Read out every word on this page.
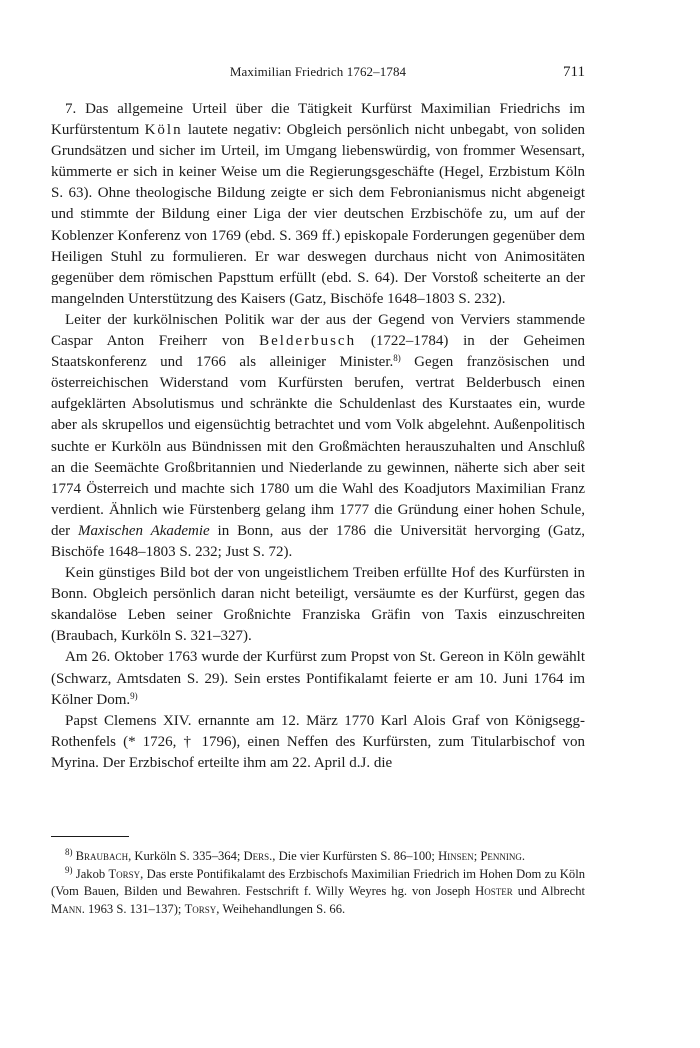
Maximilian Friedrich 1762–1784	711

7. Das allgemeine Urteil über die Tätigkeit Kurfürst Maximilian Friedrichs im Kurfürstentum Köln lautete negativ: Obgleich persönlich nicht unbegabt, von soliden Grundsätzen und sicher im Urteil, im Umgang liebenswürdig, von frommer Wesensart, kümmerte er sich in keiner Weise um die Regierungsgeschäfte (Hegel, Erzbistum Köln S. 63). Ohne theologische Bildung zeigte er sich dem Febronianismus nicht abgeneigt und stimmte der Bildung einer Liga der vier deutschen Erzbischöfe zu, um auf der Koblenzer Konferenz von 1769 (ebd. S. 369 ff.) episkopale Forderungen gegenüber dem Heiligen Stuhl zu formulieren. Er war deswegen durchaus nicht von Animositäten gegenüber dem römischen Papsttum erfüllt (ebd. S. 64). Der Vorstoß scheiterte an der mangelnden Unterstützung des Kaisers (Gatz, Bischöfe 1648–1803 S. 232).

Leiter der kurkölnischen Politik war der aus der Gegend von Verviers stammende Caspar Anton Freiherr von Belderbusch (1722–1784) in der Geheimen Staatskonferenz und 1766 als alleiniger Minister.$^{8)}$ Gegen französischen und österreichischen Widerstand vom Kurfürsten berufen, vertrat Belderbusch einen aufgeklärten Absolutismus und schränkte die Schuldenlast des Kurstaates ein, wurde aber als skrupellos und eigensüchtig betrachtet und vom Volk abgelehnt. Außenpolitisch suchte er Kurköln aus Bündnissen mit den Großmächten herauszuhalten und Anschluß an die Seemächte Großbritannien und Niederlande zu gewinnen, näherte sich aber seit 1774 Österreich und machte sich 1780 um die Wahl des Koadjutors Maximilian Franz verdient. Ähnlich wie Fürstenberg gelang ihm 1777 die Gründung einer hohen Schule, der Maxischen Akademie in Bonn, aus der 1786 die Universität hervorging (Gatz, Bischöfe 1648–1803 S. 232; Just S. 72).

Kein günstiges Bild bot der von ungeistlichem Treiben erfüllte Hof des Kurfürsten in Bonn. Obgleich persönlich daran nicht beteiligt, versäumte es der Kurfürst, gegen das skandalöse Leben seiner Großnichte Franziska Gräfin von Taxis einzuschreiten (Braubach, Kurköln S. 321–327).

Am 26. Oktober 1763 wurde der Kurfürst zum Propst von St. Gereon in Köln gewählt (Schwarz, Amtsdaten S. 29). Sein erstes Pontifikalamt feierte er am 10. Juni 1764 im Kölner Dom.$^{9)}$

Papst Clemens XIV. ernannte am 12. März 1770 Karl Alois Graf von Königsegg-Rothenfels (* 1726, † 1796), einen Neffen des Kurfürsten, zum Titularbischof von Myrina. Der Erzbischof erteilte ihm am 22. April d.J. die

$^{8)}$ Braubach, Kurköln S. 335–364; Ders., Die vier Kurfürsten S. 86–100; Hinsen; Penning.

$^{9)}$ Jakob Torsy, Das erste Pontifikalamt des Erzbischofs Maximilian Friedrich im Hohen Dom zu Köln (Vom Bauen, Bilden und Bewahren. Festschrift f. Willy Weyres hg. von Joseph Hoster und Albrecht Mann. 1963 S. 131–137); Torsy, Weihehandlungen S. 66.
